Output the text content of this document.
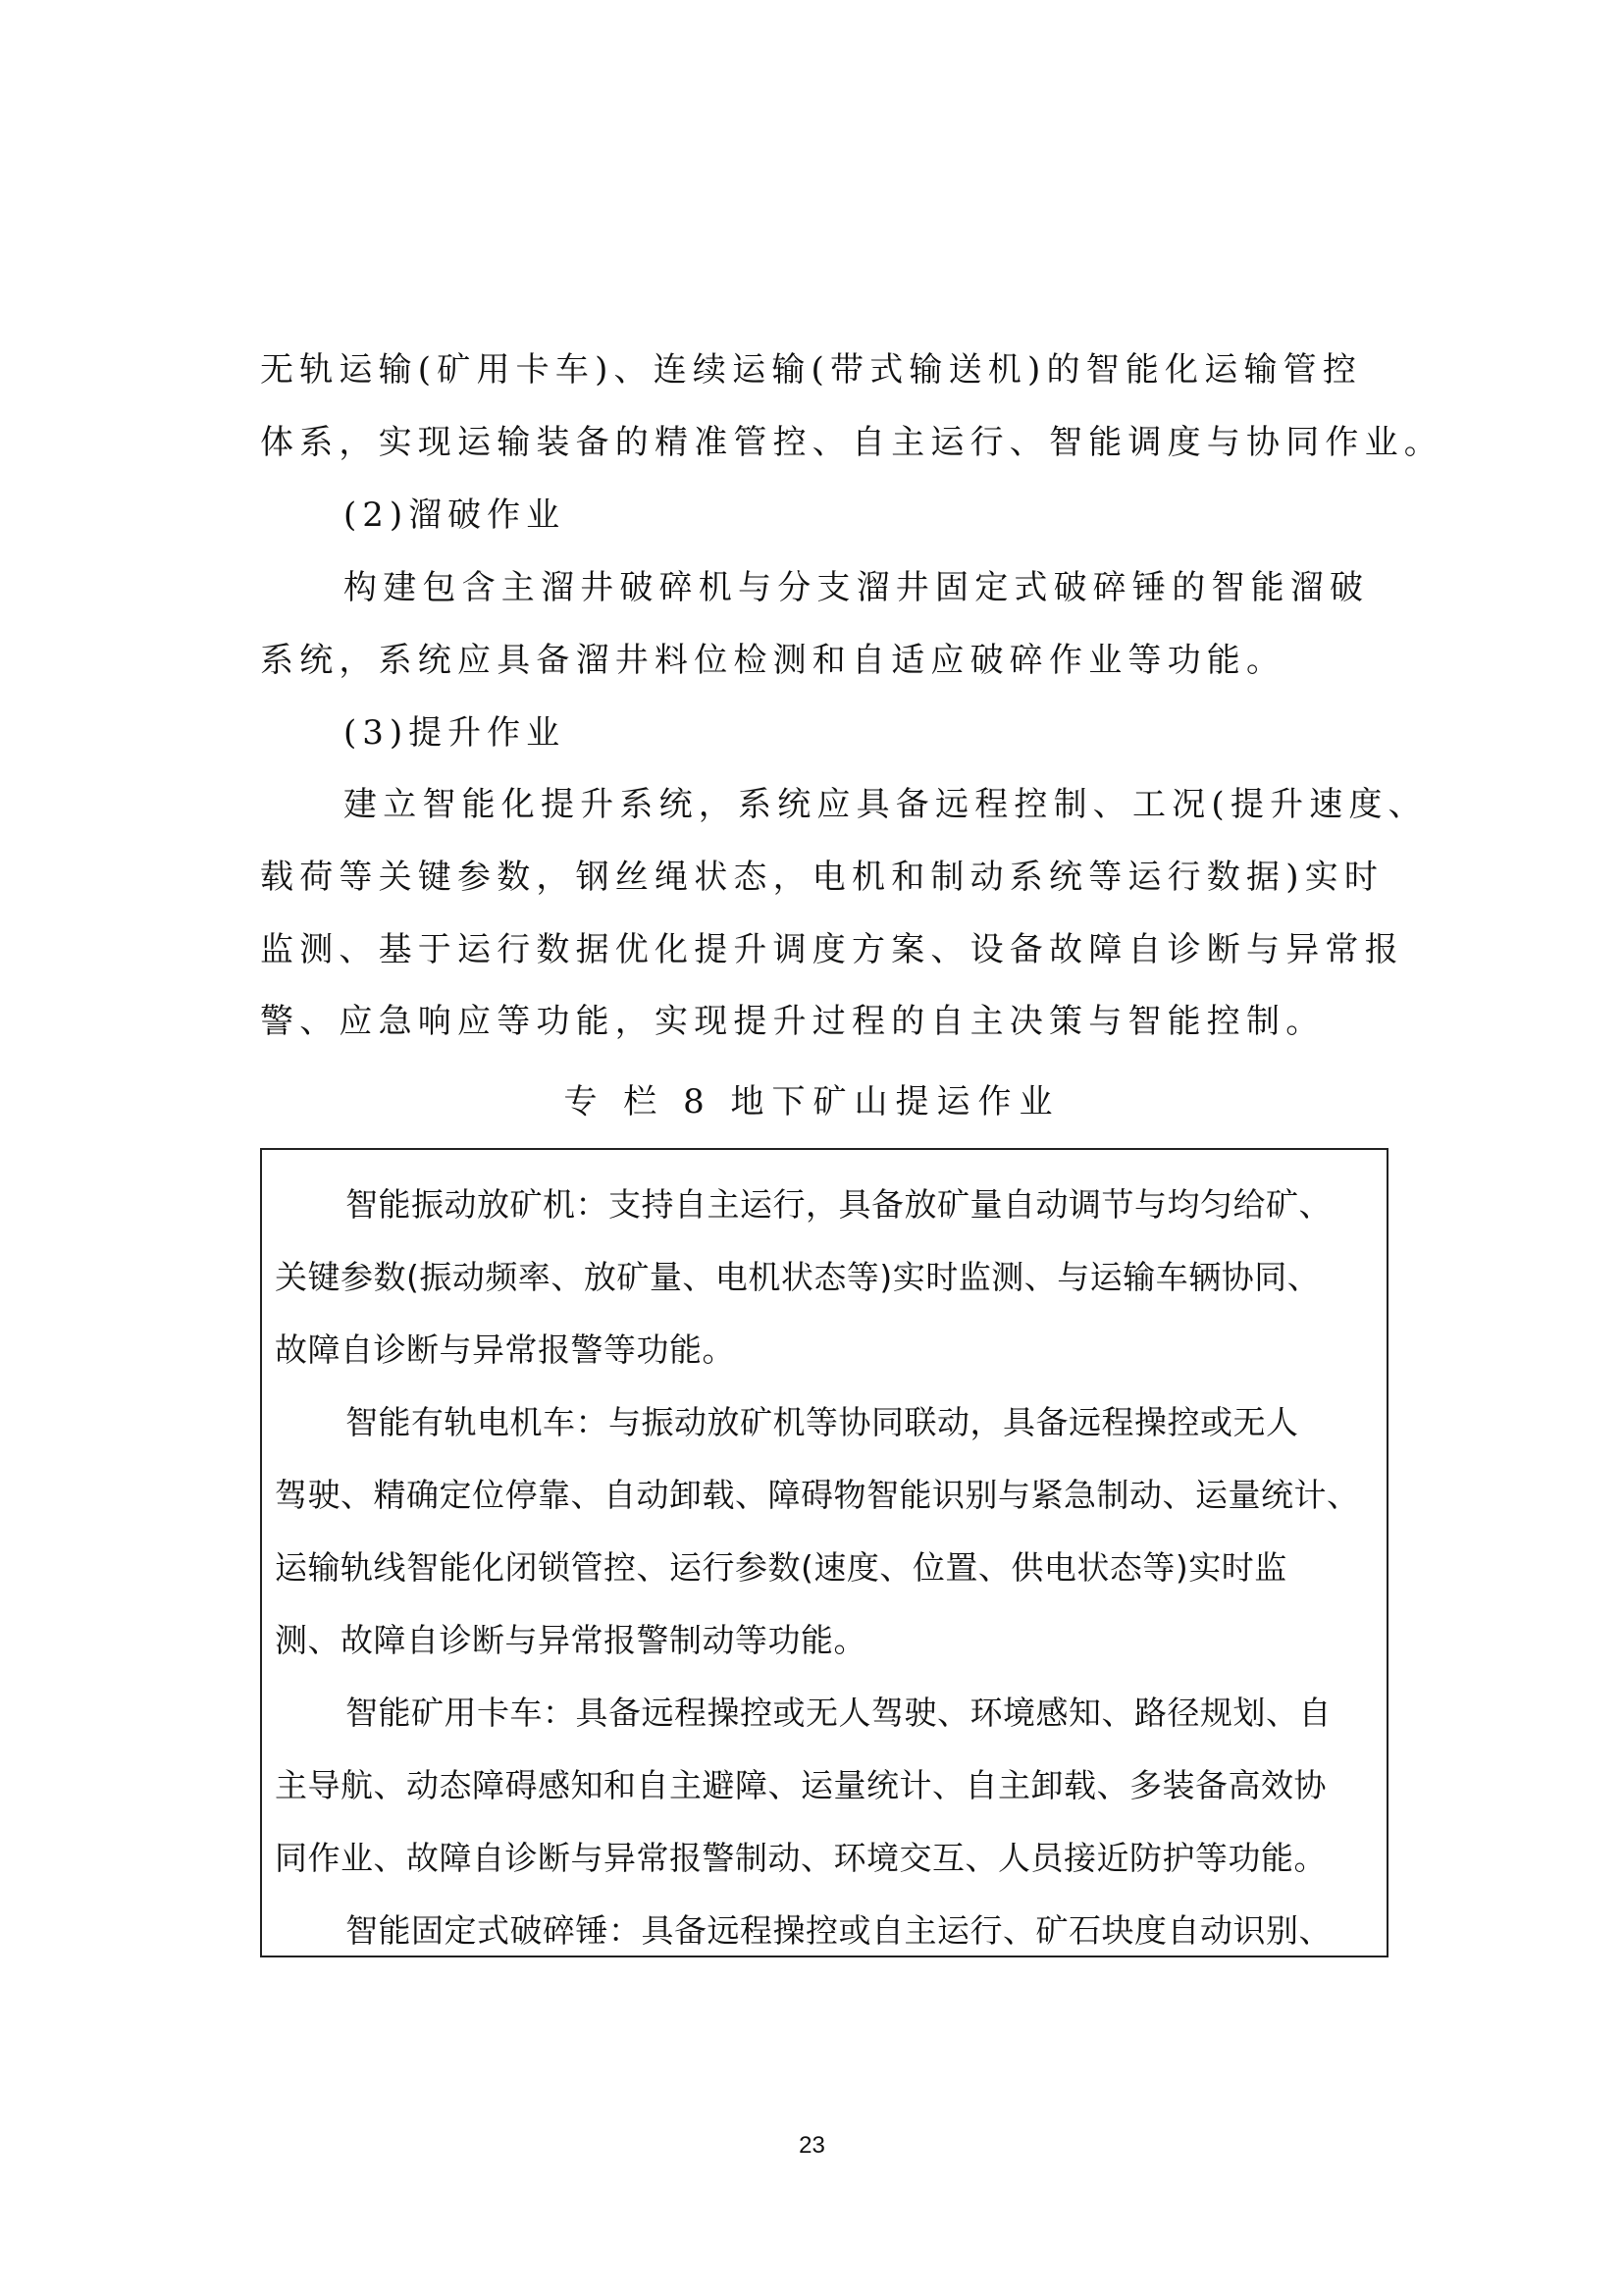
无轨运输(矿用卡车)、连续运输(带式输送机)的智能化运输管控
体系，实现运输装备的精准管控、自主运行、智能调度与协同作业。
(2)溜破作业
构建包含主溜井破碎机与分支溜井固定式破碎锤的智能溜破
系统，系统应具备溜井料位检测和自适应破碎作业等功能。
(3)提升作业
建立智能化提升系统，系统应具备远程控制、工况(提升速度、
载荷等关键参数，钢丝绳状态，电机和制动系统等运行数据)实时
监测、基于运行数据优化提升调度方案、设备故障自诊断与异常报
警、应急响应等功能，实现提升过程的自主决策与智能控制。
专 栏 8 地下矿山提运作业
智能振动放矿机：支持自主运行，具备放矿量自动调节与均匀给矿、
关键参数(振动频率、放矿量、电机状态等)实时监测、与运输车辆协同、
故障自诊断与异常报警等功能。
智能有轨电机车：与振动放矿机等协同联动，具备远程操控或无人
驾驶、精确定位停靠、自动卸载、障碍物智能识别与紧急制动、运量统计、
运输轨线智能化闭锁管控、运行参数(速度、位置、供电状态等)实时监
测、故障自诊断与异常报警制动等功能。
智能矿用卡车：具备远程操控或无人驾驶、环境感知、路径规划、自
主导航、动态障碍感知和自主避障、运量统计、自主卸载、多装备高效协
同作业、故障自诊断与异常报警制动、环境交互、人员接近防护等功能。
智能固定式破碎锤：具备远程操控或自主运行、矿石块度自动识别、
23
